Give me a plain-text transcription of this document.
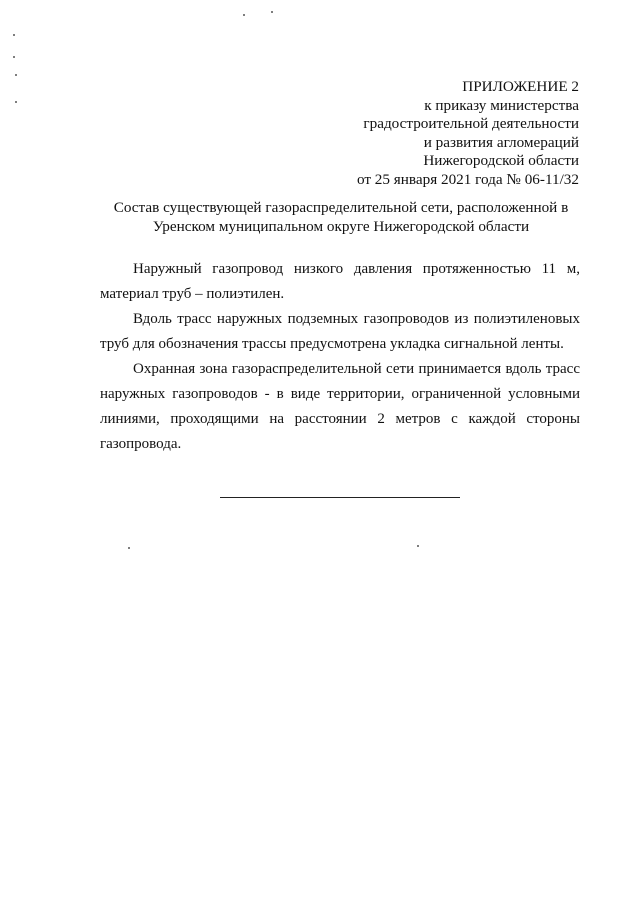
ПРИЛОЖЕНИЕ 2
к приказу министерства
градостроительной деятельности
и развития агломераций
Нижегородской области
от 25 января 2021 года № 06-11/32
Состав существующей газораспределительной сети, расположенной в
Уренском муниципальном округе Нижегородской области

Наружный газопровод низкого давления протяженностью 11 м, материал труб – полиэтилен.

Вдоль трасс наружных подземных газопроводов из полиэтиленовых труб для обозначения трассы предусмотрена укладка сигнальной ленты.

Охранная зона газораспределительной сети принимается вдоль трасс наружных газопроводов - в виде территории, ограниченной условными линиями, проходящими на расстоянии 2 метров с каждой стороны газопровода.
